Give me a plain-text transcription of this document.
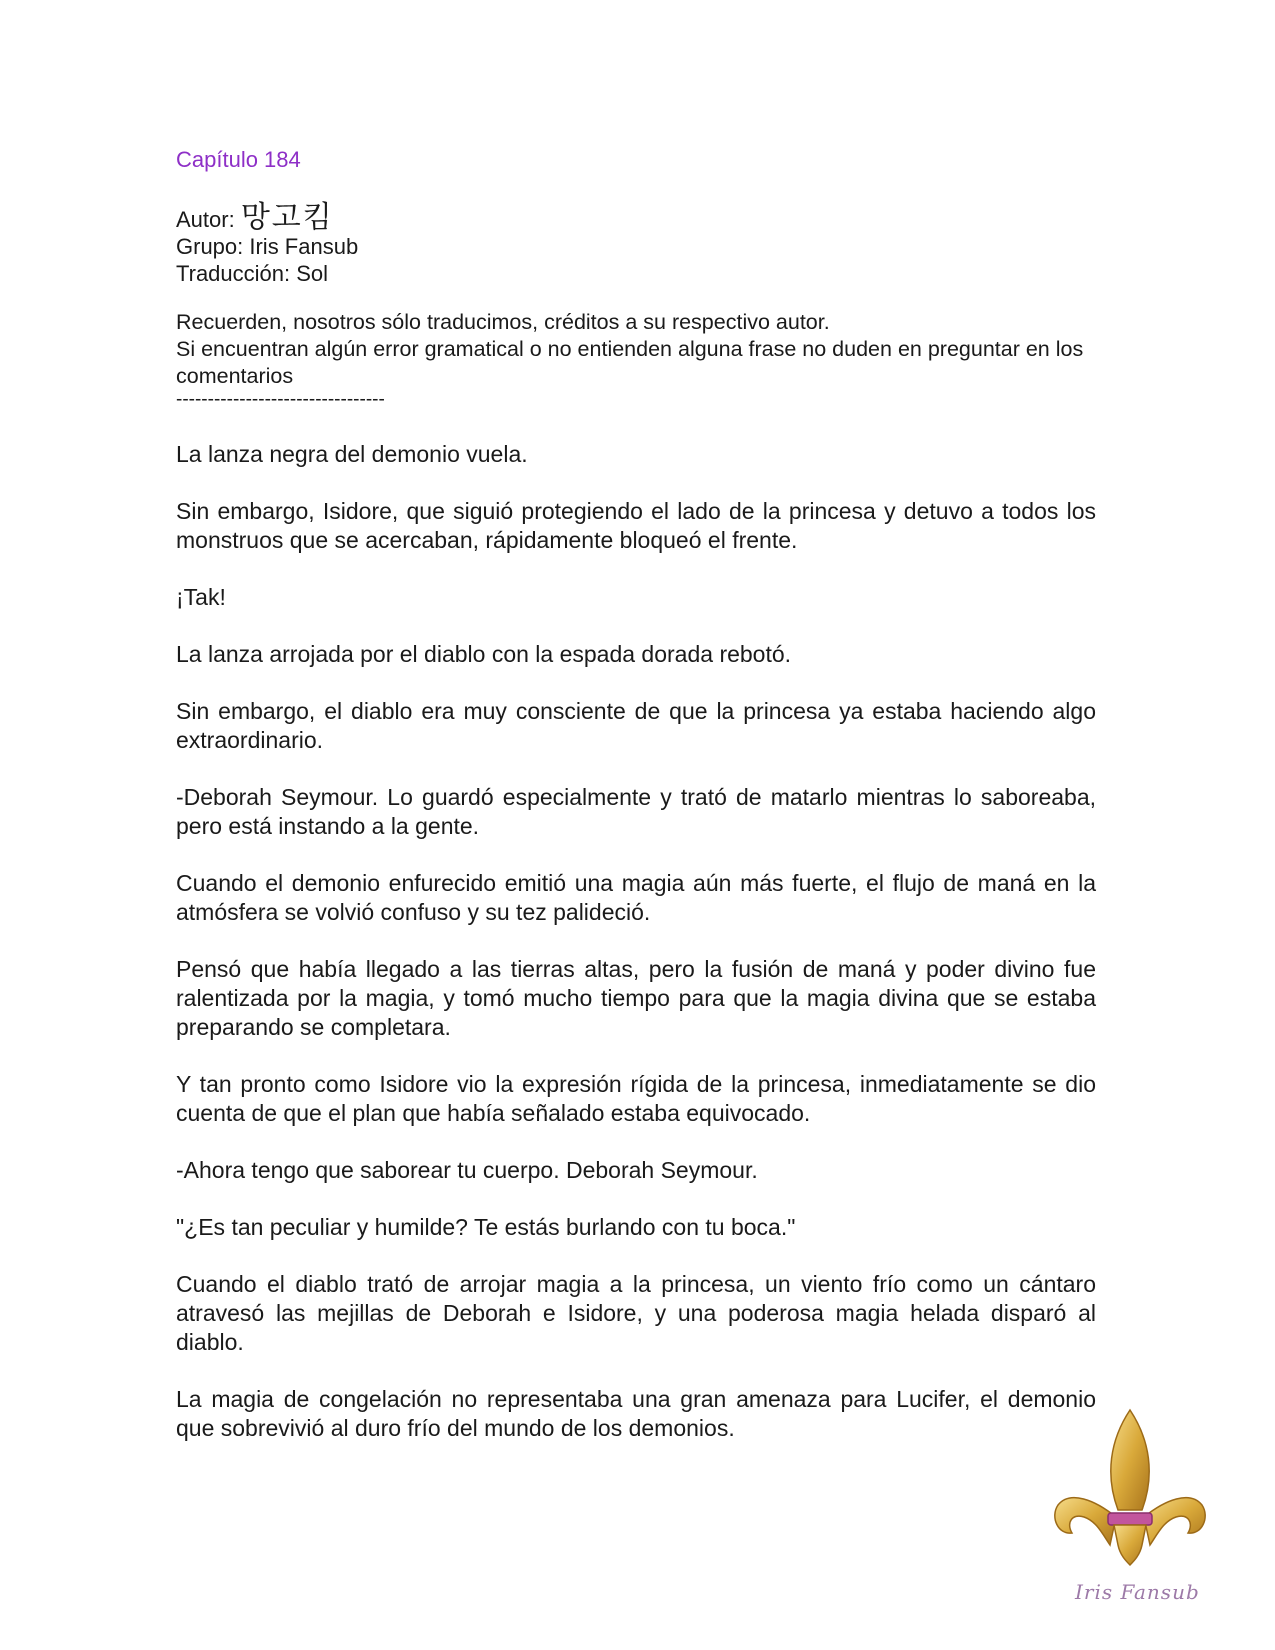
Capítulo 184
Autor: 망고킴
Grupo: Iris Fansub
Traducción: Sol
Recuerden, nosotros sólo traducimos, créditos a su respectivo autor.
Si encuentran algún error gramatical o no entienden alguna frase no duden en preguntar en los comentarios
---------------------------------

La lanza negra del demonio vuela.

Sin embargo, Isidore, que siguió protegiendo el lado de la princesa y detuvo a todos los monstruos que se acercaban, rápidamente bloqueó el frente.

¡Tak!

La lanza arrojada por el diablo con la espada dorada rebotó.

Sin embargo, el diablo era muy consciente de que la princesa ya estaba haciendo algo extraordinario.

-Deborah Seymour. Lo guardó especialmente y trató de matarlo mientras lo saboreaba, pero está instando a la gente.

Cuando el demonio enfurecido emitió una magia aún más fuerte, el flujo de maná en la atmósfera se volvió confuso y su tez palideció.

Pensó que había llegado a las tierras altas, pero la fusión de maná y poder divino fue ralentizada por la magia, y tomó mucho tiempo para que la magia divina que se estaba preparando se completara.

Y tan pronto como Isidore vio la expresión rígida de la princesa, inmediatamente se dio cuenta de que el plan que había señalado estaba equivocado.

-Ahora tengo que saborear tu cuerpo. Deborah Seymour.

"¿Es tan peculiar y humilde? Te estás burlando con tu boca."

Cuando el diablo trató de arrojar magia a la princesa, un viento frío como un cántaro atravesó las mejillas de Deborah e Isidore, y una poderosa magia helada disparó al diablo.

La magia de congelación no representaba una gran amenaza para Lucifer, el demonio que sobrevivió al duro frío del mundo de los demonios.

Iris Fansub
